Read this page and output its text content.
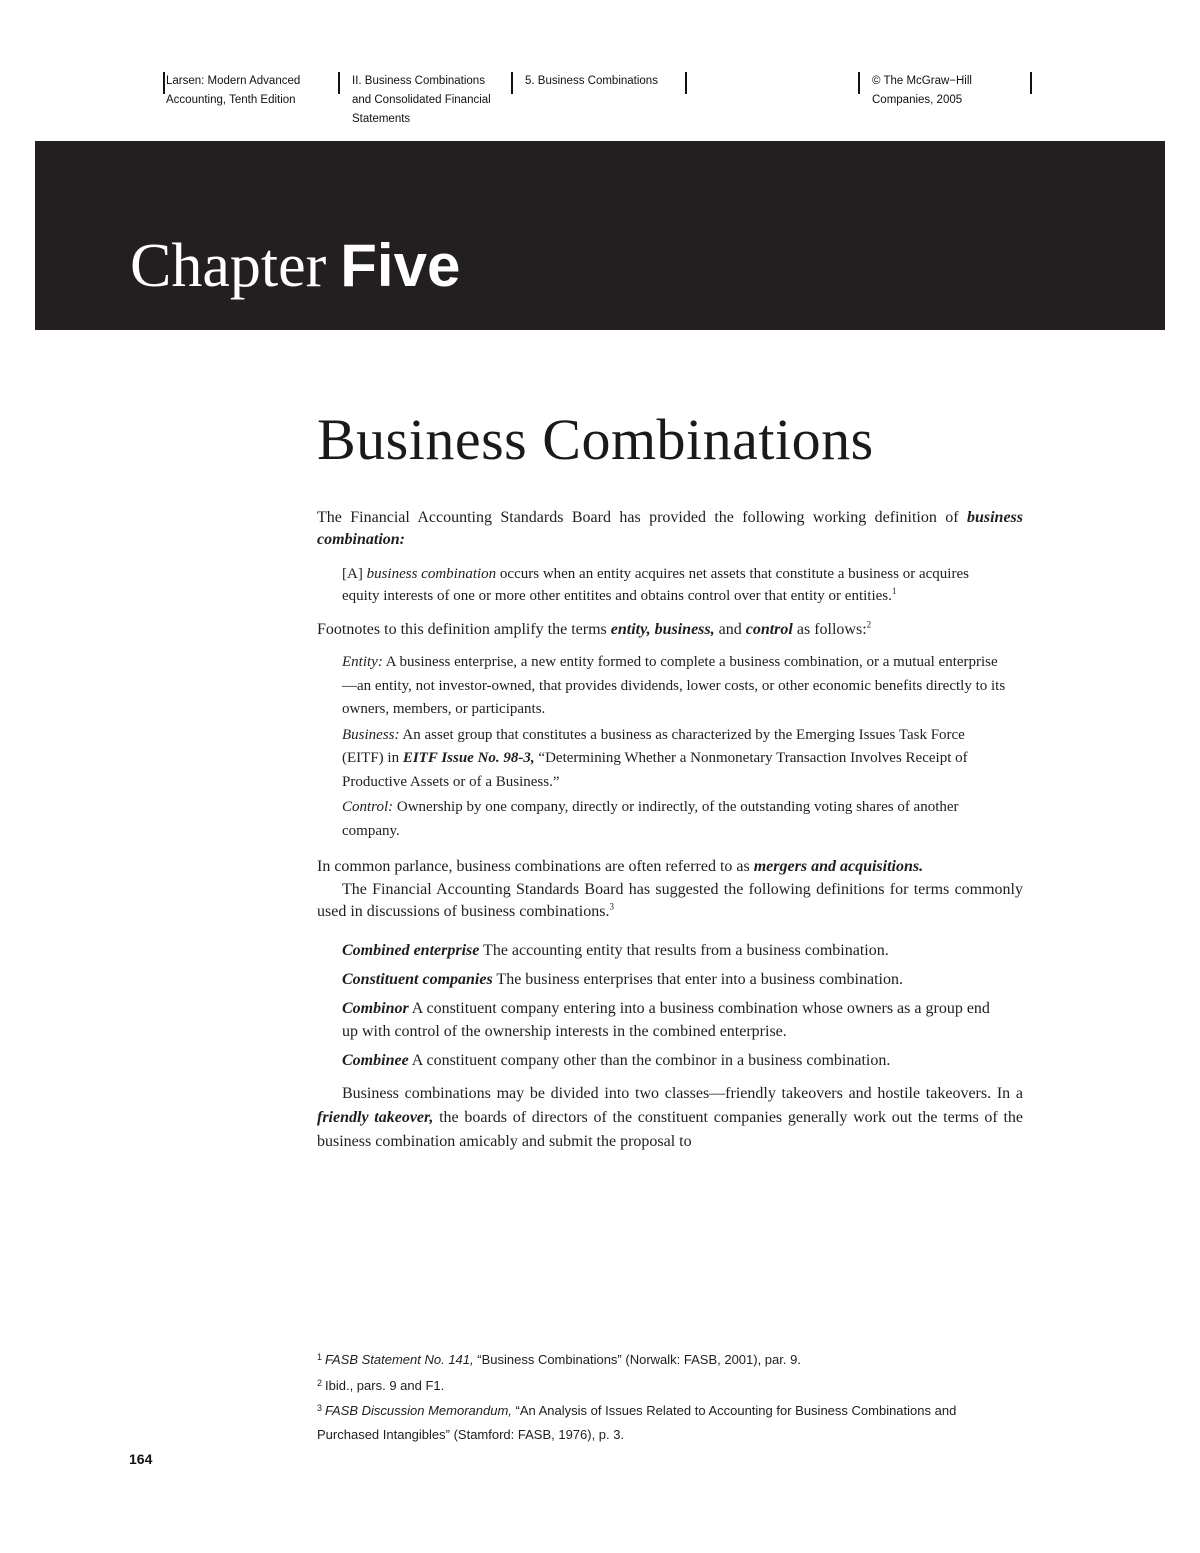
Larsen: Modern Advanced
Accounting, Tenth Edition
II. Business Combinations
and Consolidated Financial
Statements
5. Business Combinations	© The McGraw−Hill
Companies, 2005
Chapter Five
Business Combinations

The Financial Accounting Standards Board has provided the following working definition of business combination:

[A] business combination occurs when an entity acquires net assets that constitute a business or acquires equity interests of one or more other entitites and obtains control over that entity or entities.$^1$

Footnotes to this definition amplify the terms entity, business, and control as follows:$^2$

Entity: A business enterprise, a new entity formed to complete a business combination, or a mutual enterprise—an entity, not investor-owned, that provides dividends, lower costs, or other economic benefits directly to its owners, members, or participants.

Business: An asset group that constitutes a business as characterized by the Emerging Issues Task Force (EITF) in EITF Issue No. 98-3, “Determining Whether a Nonmonetary Transaction Involves Receipt of Productive Assets or of a Business.”

Control: Ownership by one company, directly or indirectly, of the outstanding voting shares of another company.

In common parlance, business combinations are often referred to as mergers and acquisitions.

The Financial Accounting Standards Board has suggested the following definitions for terms commonly used in discussions of business combinations.$^3$

Combined enterprise The accounting entity that results from a business combination.

Constituent companies The business enterprises that enter into a business combination.

Combinor A constituent company entering into a business combination whose owners as a group end up with control of the ownership interests in the combined enterprise.

Combinee A constituent company other than the combinor in a business combination.

Business combinations may be divided into two classes—friendly takeovers and hostile takeovers. In a friendly takeover, the boards of directors of the constituent companies generally work out the terms of the business combination amicably and submit the proposal to

$^1$ FASB Statement No. 141, “Business Combinations” (Norwalk: FASB, 2001), par. 9.

$^2$ Ibid., pars. 9 and F1.

$^3$ FASB Discussion Memorandum, “An Analysis of Issues Related to Accounting for Business Combinations and Purchased Intangibles” (Stamford: FASB, 1976), p. 3.

164
